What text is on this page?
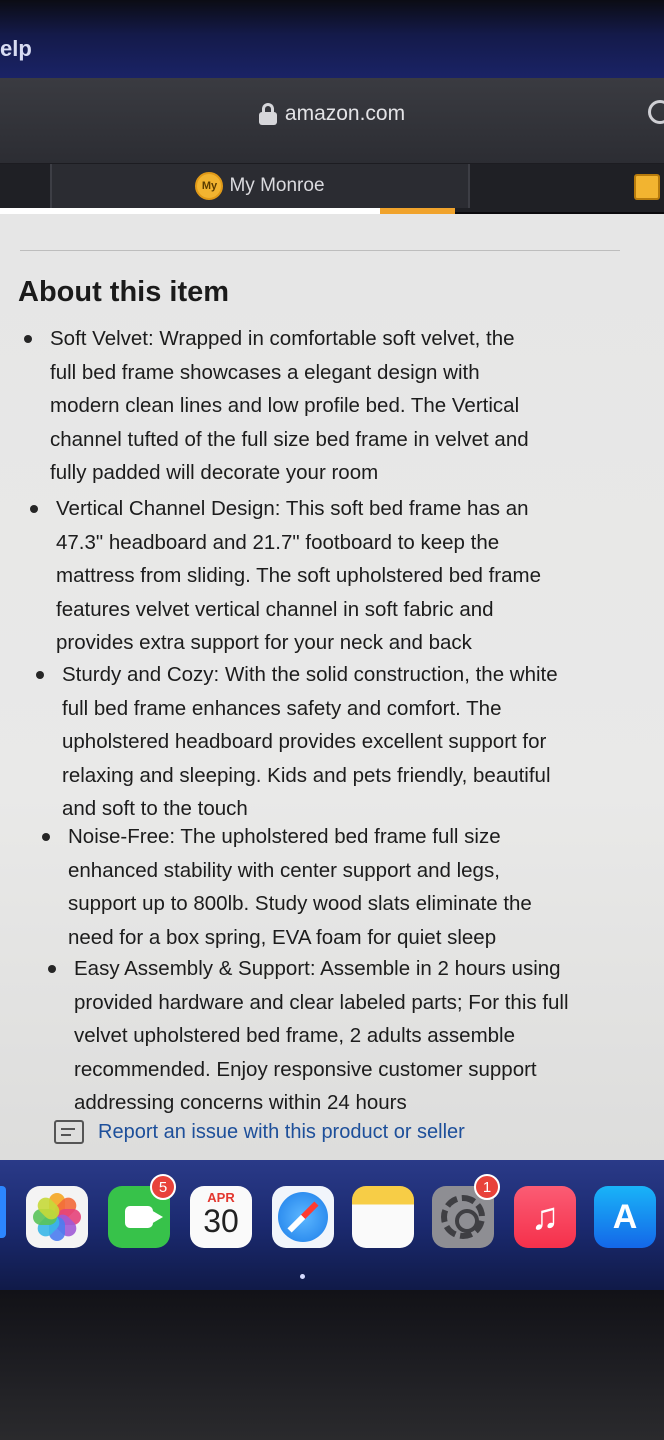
elp
amazon.com
My My Monroe
About this item
Soft Velvet: Wrapped in comfortable soft velvet, the
full bed frame showcases a elegant design with
modern clean lines and low profile bed. The Vertical
channel tufted of the full size bed frame in velvet and
fully padded will decorate your room
Vertical Channel Design: This soft bed frame has an
47.3" headboard and 21.7" footboard to keep the
mattress from sliding. The soft upholstered bed frame
features velvet vertical channel in soft fabric and
provides extra support for your neck and back
Sturdy and Cozy: With the solid construction, the white
full bed frame enhances safety and comfort. The
upholstered headboard provides excellent support for
relaxing and sleeping. Kids and pets friendly, beautiful
and soft to the touch
Noise-Free: The upholstered bed frame full size
enhanced stability with center support and legs,
support up to 800lb. Study wood slats eliminate the
need for a box spring, EVA foam for quiet sleep
Easy Assembly & Support: Assemble in 2 hours using
provided hardware and clear labeled parts; For this full
velvet upholstered bed frame, 2 adults assemble
recommended. Enjoy responsive customer support
addressing concerns within 24 hours
Report an issue with this product or seller
5
APR
30
1
♫ A
